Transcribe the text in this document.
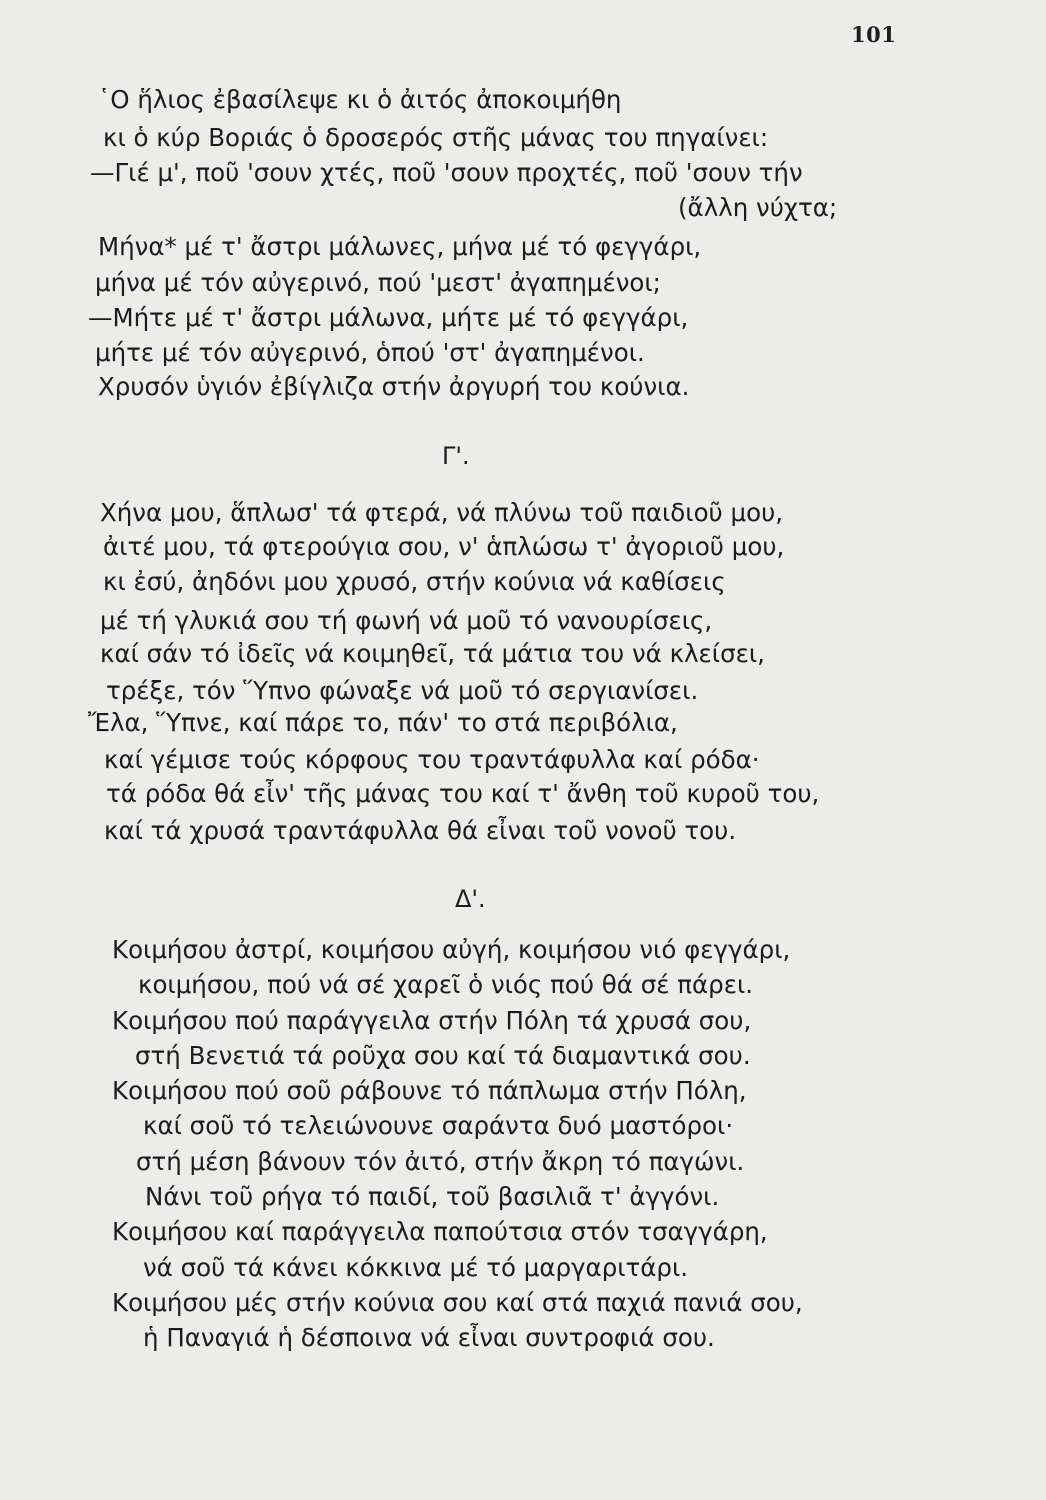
101
῾Ο ἥλιος ἐβασίλεψε κι ὁ ἀιτός ἀποκοιμήθη
κι ὁ κύρ Βοριάς ὁ δροσερός στῆς μάνας του πηγαίνει:
—Γιέ μ', ποῦ 'σουν χτές, ποῦ 'σουν προχτές, ποῦ 'σουν τήν
(ἄλλη νύχτα;
Μήνα* μέ τ' ἄστρι μάλωνες, μήνα μέ τό φεγγάρι,
μήνα μέ τόν αὐγερινό, πού 'μεστ' ἀγαπημένοι;
—Μήτε μέ τ' ἄστρι μάλωνα, μήτε μέ τό φεγγάρι,
μήτε μέ τόν αὐγερινό, ὁπού 'στ' ἀγαπημένοι.
Χρυσόν ὑγιόν ἐβίγλιζα στήν ἀργυρή του κούνια.
Γ'.
Χήνα μου, ἅπλωσ' τά φτερά, νά πλύνω τοῦ παιδιοῦ μου,
ἀιτέ μου, τά φτερούγια σου, ν' ἁπλώσω τ' ἀγοριοῦ μου,
κι ἐσύ, ἀηδόνι μου χρυσό, στήν κούνια νά καθίσεις
μέ τή γλυκιά σου τή φωνή νά μοῦ τό νανουρίσεις,
καί σάν τό ἰδεῖς νά κοιμηθεῖ, τά μάτια του νά κλείσει,
τρέξε, τόν Ὕπνο φώναξε νά μοῦ τό σεργιανίσει.
Ἔλα, Ὕπνε, καί πάρε το, πάν' το στά περιβόλια,
καί γέμισε τούς κόρφους του τραντάφυλλα καί ρόδα·
τά ρόδα θά εἶν' τῆς μάνας του καί τ' ἄνθη τοῦ κυροῦ του,
καί τά χρυσά τραντάφυλλα θά εἶναι τοῦ νονοῦ του.
Δ'.
Κοιμήσου ἀστρί, κοιμήσου αὐγή, κοιμήσου νιό φεγγάρι,
κοιμήσου, πού νά σέ χαρεῖ ὁ νιός πού θά σέ πάρει.
Κοιμήσου πού παράγγειλα στήν Πόλη τά χρυσά σου,
στή Βενετιά τά ροῦχα σου καί τά διαμαντικά σου.
Κοιμήσου πού σοῦ ράβουνε τό πάπλωμα στήν Πόλη,
καί σοῦ τό τελειώνουνε σαράντα δυό μαστόροι·
στή μέση βάνουν τόν ἀιτό, στήν ἄκρη τό παγώνι.
Νάνι τοῦ ρήγα τό παιδί, τοῦ βασιλιᾶ τ' ἀγγόνι.
Κοιμήσου καί παράγγειλα παπούτσια στόν τσαγγάρη,
νά σοῦ τά κάνει κόκκινα μέ τό μαργαριτάρι.
Κοιμήσου μές στήν κούνια σου καί στά παχιά πανιά σου,
ἡ Παναγιά ἡ δέσποινα νά εἶναι συντροφιά σου.
